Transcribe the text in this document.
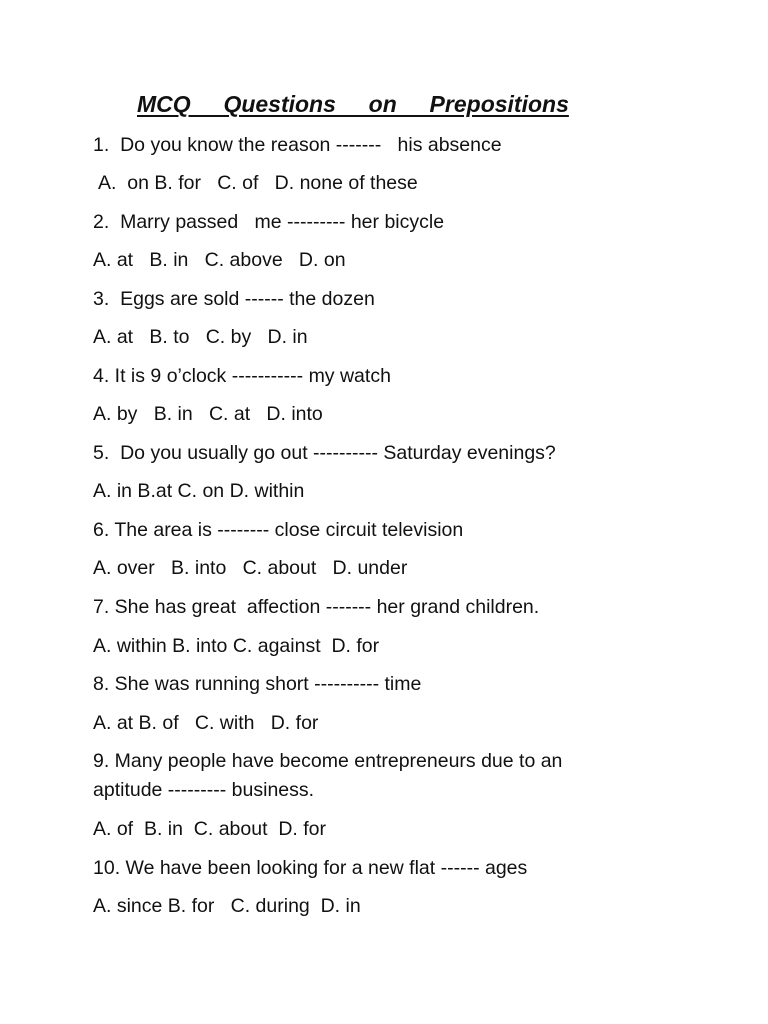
MCQ  Questions  on  Prepositions

1.  Do you know the reason -------   his absence

A.  on B. for   C. of   D. none of these

2.  Marry passed   me --------- her bicycle

A. at   B. in   C. above   D. on

3.  Eggs are sold ------ the dozen

A. at   B. to   C. by   D. in

4. It is 9 o’clock ----------- my watch

A. by   B. in   C. at   D. into

5.  Do you usually go out ---------- Saturday evenings?

A. in B.at C. on D. within

6. The area is -------- close circuit television

A. over   B. into   C. about   D. under

7. She has great  affection ------- her grand children.

A. within B. into C. against  D. for

8. She was running short ---------- time

A. at B. of   C. with   D. for

9. Many people have become entrepreneurs due to an aptitude --------- business.

A. of  B. in  C. about  D. for

10. We have been looking for a new flat ------ ages

A. since B. for   C. during  D. in
